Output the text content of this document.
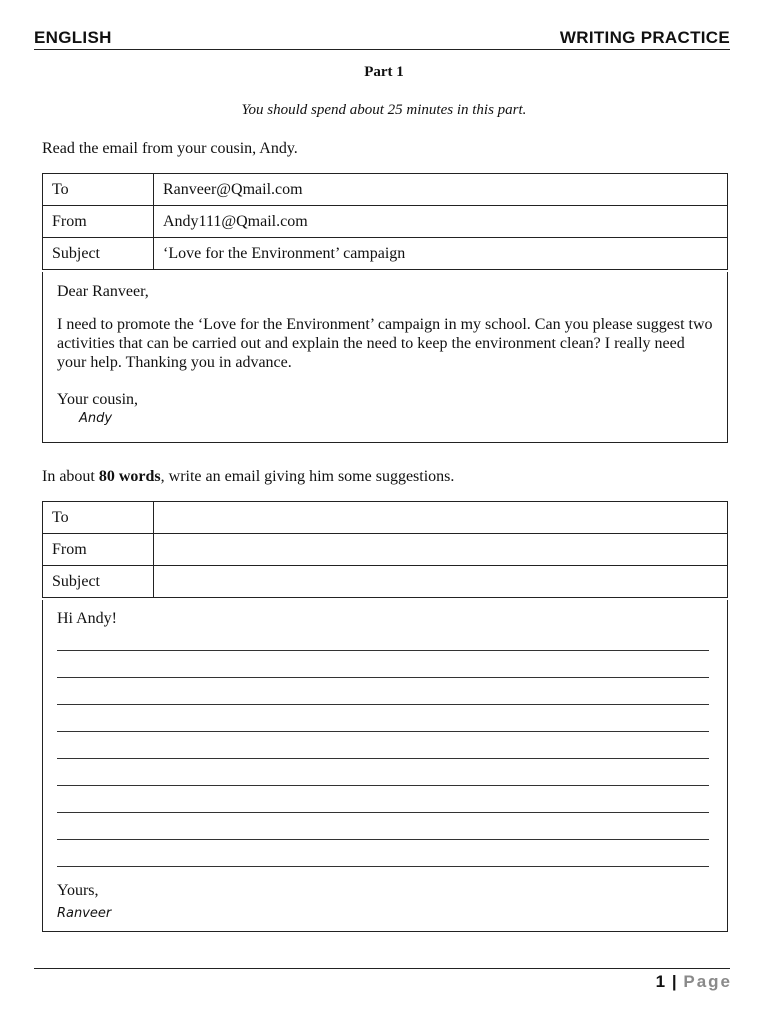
ENGLISH	WRITING PRACTICE
Part 1
You should spend about 25 minutes in this part.
Read the email from your cousin, Andy.
To	Ranveer@Qmail.com
From	Andy111@Qmail.com
Subject	‘Love for the Environment’ campaign

Dear Ranveer,

I need to promote the ‘Love for the Environment’ campaign in my school. Can you please suggest two activities that can be carried out and explain the need to keep the environment clean? I really need your help. Thanking you in advance.

Your cousin,

Andy
In about 80 words, write an email giving him some suggestions.
To	
From	
Subject	
Hi Andy!
Yours,
Ranveer
1 | Page
